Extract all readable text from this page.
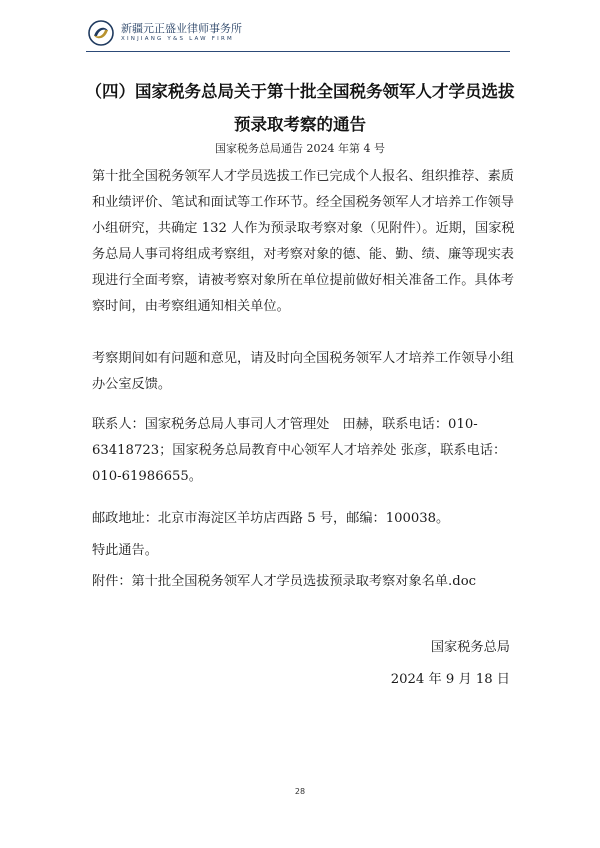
新疆元正盛业律师事务所
XINJIANG Y&S LAW FIRM
（四）国家税务总局关于第十批全国税务领军人才学员选拔
预录取考察的通告
国家税务总局通告 2024 年第 4 号

第十批全国税务领军人才学员选拔工作已完成个人报名、组织推荐、素质和业绩评价、笔试和面试等工作环节。经全国税务领军人才培养工作领导小组研究，共确定 132 人作为预录取考察对象（见附件）。近期，国家税务总局人事司将组成考察组，对考察对象的德、能、勤、绩、廉等现实表现进行全面考察，请被考察对象所在单位提前做好相关准备工作。具体考察时间，由考察组通知相关单位。

考察期间如有问题和意见，请及时向全国税务领军人才培养工作领导小组办公室反馈。

联系人：国家税务总局人事司人才管理处　田赫，联系电话：010-63418723；国家税务总局教育中心领军人才培养处 张彦，联系电话：010-61986655。

邮政地址：北京市海淀区羊坊店西路 5 号，邮编：100038。

特此通告。

附件：第十批全国税务领军人才学员选拔预录取考察对象名单.doc

国家税务总局
2024 年 9 月 18 日
28
